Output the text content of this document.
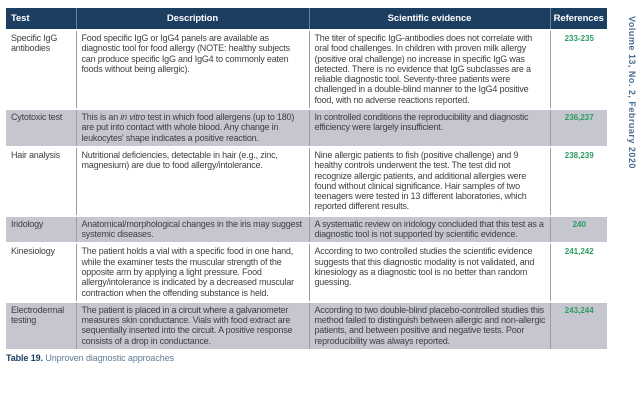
Test	Description	Scientific evidence	References
Specific IgG antibodies	Food specific IgG or IgG4 panels are available as diagnostic tool for food allergy (NOTE: healthy subjects can produce specific IgG and IgG4 to commonly eaten foods without being allergic).	The titer of specific IgG-antibodies does not correlate with oral food challenges. In children with proven milk allergy (positive oral challenge) no increase in specific IgG was detected. There is no evidence that IgG subclasses are a reliable diagnostic tool. Seventy-three patients were challenged in a double-blind manner to the IgG4 positive food, with no adverse reactions reported.	233-235
Cytotoxic test	This is an in vitro test in which food allergens (up to 180) are put into contact with whole blood. Any change in leukocytes' shape indicates a positive reaction.	In controlled conditions the reproducibility and diagnostic efficiency were largely insufficient.	236,237
Hair analysis	Nutritional deficiencies, detectable in hair (e.g., zinc, magnesium) are due to food allergy/intolerance.	Nine allergic patients to fish (positive challenge) and 9 healthy controls underwent the test. The test did not recognize allergic patients, and additional allergies were found without clinical significance. Hair samples of two teenagers were tested in 13 different laboratories, which reported different results.	238,239
Iridology	Anatomical/morphological changes in the iris may suggest systemic diseases.	A systematic review on iridology concluded that this test as a diagnostic tool is not supported by scientific evidence.	240
Kinesiology	The patient holds a vial with a specific food in one hand, while the examiner tests the muscular strength of the opposite arm by applying a light pressure. Food allergy/intolerance is indicated by a decreased muscular contraction when the offending substance is held.	According to two controlled studies the scientific evidence suggests that this diagnostic modality is not validated, and kinesiology as a diagnostic tool is no better than random guessing.	241,242
Electrodermal testing	The patient is placed in a circuit where a galvanometer measures skin conductance. Vials with food extract are sequentially inserted into the circuit. A positive response consists of a drop in conductance.	According to two double-blind placebo-controlled studies this method failed to distinguish between allergic and non-allergic patients, and between positive and negative tests. Poor reproducibility was always reported.	243,244
Table 19. Unproven diagnostic approaches
Volume 13, No. 2, February 2020
